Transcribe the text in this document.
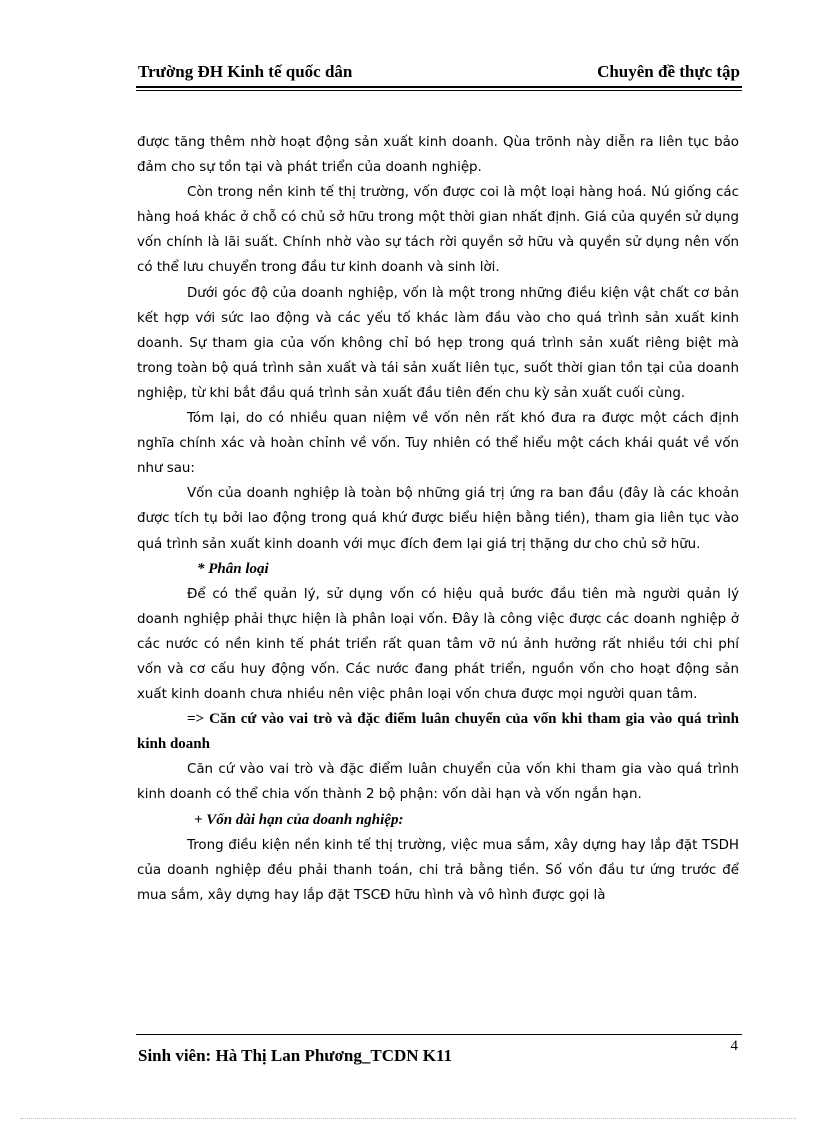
Trường ĐH Kinh tế quốc dân	Chuyên đề thực tập

được tăng thêm nhờ hoạt động sản xuất kinh doanh. Qùa trõnh này diễn ra liên tục bảo đảm cho sự tồn tại và phát triển của doanh nghiệp.

Còn trong nền kinh tế thị trường, vốn được coi là một loại hàng hoá. Nú giống các hàng hoá khác ở chỗ có chủ sở hữu trong một thời gian nhất định. Giá của quyền sử dụng vốn chính là lãi suất. Chính nhờ vào sự tách rời quyền sở hữu và quyền sử dụng nên vốn có thể lưu chuyển trong đầu tư kinh doanh và sinh lời.

Dưới góc độ của doanh nghiệp, vốn là một trong những điều kiện vật chất cơ bản kết hợp với sức lao động và các yếu tố khác làm đầu vào cho quá trình sản xuất kinh doanh. Sự tham gia của vốn không chỉ bó hẹp trong quá trình sản xuất riêng biệt mà trong toàn bộ quá trình sản xuất và tái sản xuất liên tục, suốt thời gian tồn tại của doanh nghiệp, từ khi bắt đầu quá trình sản xuất đầu tiên đến chu kỳ sản xuất cuối cùng.

Tóm lại, do có nhiều quan niệm về vốn nên rất khó đưa ra được một cách định nghĩa chính xác và hoàn chỉnh về vốn. Tuy nhiên có thể hiểu một cách khái quát về vốn như sau:

Vốn của doanh nghiệp là toàn bộ những giá trị ứng ra ban đầu (đây là các khoản được tích tụ bởi lao động trong quá khứ được biểu hiện bằng tiền), tham gia liên tục vào quá trình sản xuất kinh doanh với mục đích đem lại giá trị thặng dư cho chủ sở hữu.

* Phân loại

Để có thể quản lý, sử dụng vốn có hiệu quả bước đầu tiên mà người quản lý doanh nghiệp phải thực hiện là phân loại vốn. Đây là công việc được các doanh nghiệp ở các nước có nền kinh tế phát triển rất quan tâm vỡ nú ảnh hưởng rất nhiều tới chi phí vốn và cơ cấu huy động vốn. Các nước đang phát triển, nguồn vốn cho hoạt động sản xuất kinh doanh chưa nhiều nên việc phân loại vốn chưa được mọi người quan tâm.

=> Căn cứ vào vai trò và đặc điểm luân chuyển của vốn khi tham gia vào quá trình kinh doanh

Căn cứ vào vai trò và đặc điểm luân chuyển của vốn khi tham gia vào quá trình kinh doanh có thể chia vốn thành 2 bộ phận: vốn dài hạn và vốn ngắn hạn.

+ Vốn dài hạn của doanh nghiệp:

Trong điều kiện nền kinh tế thị trường, việc mua sắm, xây dựng hay lắp đặt TSDH của doanh nghiệp đều phải thanh toán, chi trả bằng tiền. Số vốn đầu tư ứng trước để mua sắm, xây dựng hay lắp đặt TSCĐ hữu hình và vô hình được gọi là

Sinh viên: Hà Thị Lan Phương_TCDN K11	4
